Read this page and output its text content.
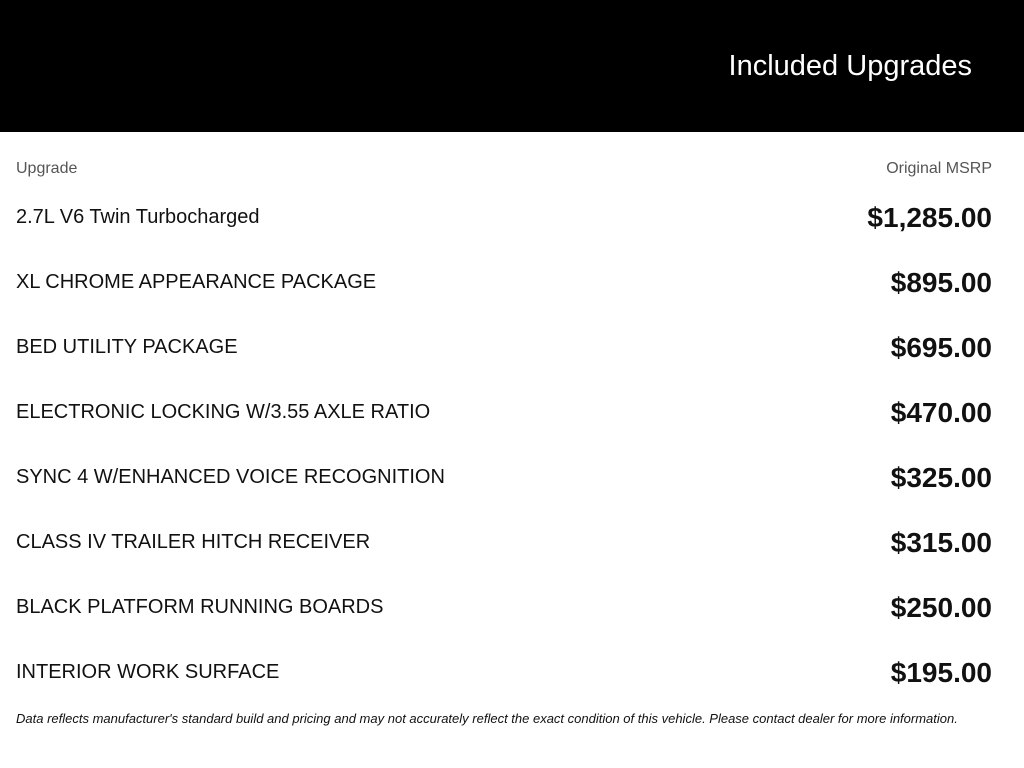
Included Upgrades
Upgrade	Original MSRP
2.7L V6 Twin Turbocharged	$1,285.00
XL CHROME APPEARANCE PACKAGE	$895.00
BED UTILITY PACKAGE	$695.00
ELECTRONIC LOCKING W/3.55 AXLE RATIO	$470.00
SYNC 4 W/ENHANCED VOICE RECOGNITION	$325.00
CLASS IV TRAILER HITCH RECEIVER	$315.00
BLACK PLATFORM RUNNING BOARDS	$250.00
INTERIOR WORK SURFACE	$195.00
Data reflects manufacturer's standard build and pricing and may not accurately reflect the exact condition of this vehicle. Please contact dealer for more information.
